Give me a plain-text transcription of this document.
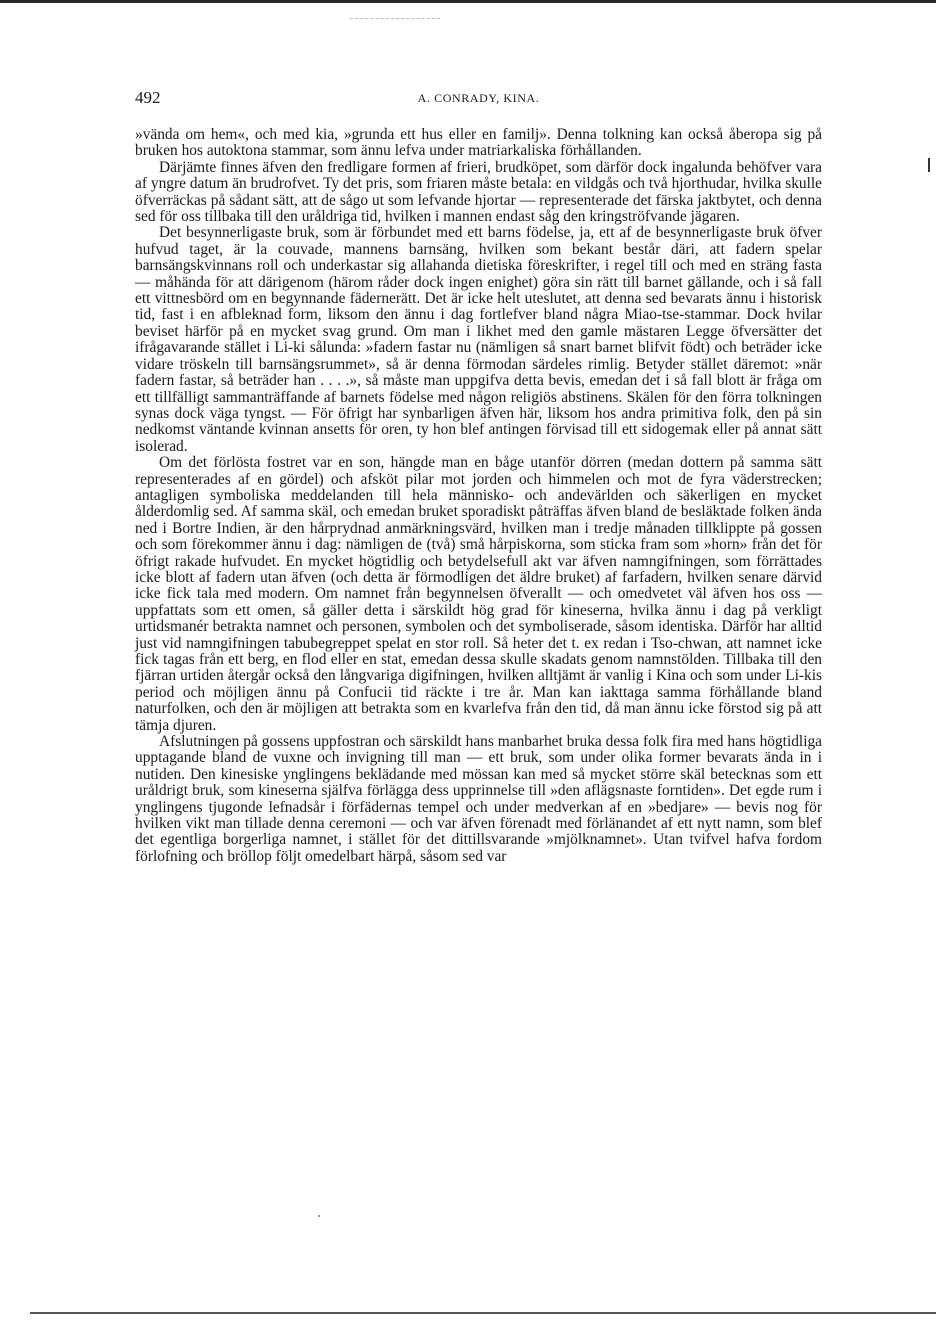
492	A. CONRADY, KINA.

»vända om hem«, och med kia, »grunda ett hus eller en familj». Denna tolkning kan också åberopa sig på bruken hos autoktona stammar, som ännu lefva under matriarkaliska förhållanden.

Därjämte finnes äfven den fredligare formen af frieri, brudköpet, som därför dock ingalunda behöfver vara af yngre datum än brudrofvet. Ty det pris, som friaren måste betala: en vildgås och två hjorthudar, hvilka skulle öfverräckas på sådant sätt, att de sågo ut som lefvande hjortar — representerade det färska jaktbytet, och denna sed för oss tillbaka till den uråldriga tid, hvilken i mannen endast såg den kringströfvande jägaren.

Det besynnerligaste bruk, som är förbundet med ett barns födelse, ja, ett af de besynnerligaste bruk öfver hufvud taget, är la couvade, mannens barnsäng, hvilken som bekant består däri, att fadern spelar barnsängskvinnans roll och underkastar sig allahanda dietiska föreskrifter, i regel till och med en sträng fasta — måhända för att därigenom (härom råder dock ingen enighet) göra sin rätt till barnet gällande, och i så fall ett vittnesbörd om en begynnande fädernerätt. Det är icke helt uteslutet, att denna sed bevarats ännu i historisk tid, fast i en afbleknad form, liksom den ännu i dag fortlefver bland några Miao-tse-stammar. Dock hvilar beviset härför på en mycket svag grund. Om man i likhet med den gamle mästaren Legge öfversätter det ifrågavarande stället i Li-ki sålunda: »fadern fastar nu (nämligen så snart barnet blifvit födt) och beträder icke vidare tröskeln till barnsängsrummet», så är denna förmodan särdeles rimlig. Betyder stället däremot: »när fadern fastar, så beträder han . . . .», så måste man uppgifva detta bevis, emedan det i så fall blott är fråga om ett tillfälligt sammanträffande af barnets födelse med någon religiös abstinens. Skälen för den förra tolkningen synas dock väga tyngst. — För öfrigt har synbarligen äfven här, liksom hos andra primitiva folk, den på sin nedkomst väntande kvinnan ansetts för oren, ty hon blef antingen förvisad till ett sidogemak eller på annat sätt isolerad.

Om det förlösta fostret var en son, hängde man en båge utanför dörren (medan dottern på samma sätt representerades af en gördel) och afsköt pilar mot jorden och himmelen och mot de fyra väderstrecken; antagligen symboliska meddelanden till hela människo- och andevärlden och säkerligen en mycket ålderdomlig sed. Af samma skäl, och emedan bruket sporadiskt påträffas äfven bland de besläktade folken ända ned i Bortre Indien, är den hårprydnad anmärkningsvärd, hvilken man i tredje månaden tillklippte på gossen och som förekommer ännu i dag: nämligen de (två) små hårpiskorna, som sticka fram som »horn» från det för öfrigt rakade hufvudet. En mycket högtidlig och betydelsefull akt var äfven namngifningen, som förrättades icke blott af fadern utan äfven (och detta är förmodligen det äldre bruket) af farfadern, hvilken senare därvid icke fick tala med modern. Om namnet från begynnelsen öfverallt — och omedvetet väl äfven hos oss — uppfattats som ett omen, så gäller detta i särskildt hög grad för kineserna, hvilka ännu i dag på verkligt urtidsmanér betrakta namnet och personen, symbolen och det symboliserade, såsom identiska. Därför har alltid just vid namngifningen tabubegreppet spelat en stor roll. Så heter det t. ex redan i Tso-chwan, att namnet icke fick tagas från ett berg, en flod eller en stat, emedan dessa skulle skadats genom namnstölden. Tillbaka till den fjärran urtiden återgår också den långvariga digifningen, hvilken alltjämt är vanlig i Kina och som under Li-kis period och möjligen ännu på Confucii tid räckte i tre år. Man kan iakttaga samma förhållande bland naturfolken, och den är möjligen att betrakta som en kvarlefva från den tid, då man ännu icke förstod sig på att tämja djuren.

Afslutningen på gossens uppfostran och särskildt hans manbarhet bruka dessa folk fira med hans högtidliga upptagande bland de vuxne och invigning till man — ett bruk, som under olika former bevarats ända in i nutiden. Den kinesiske ynglingens beklädande med mössan kan med så mycket större skäl betecknas som ett uråldrigt bruk, som kineserna själfva förlägga dess upprinnelse till »den aflägsnaste forntiden». Det egde rum i ynglingens tjugonde lefnadsår i förfädernas tempel och under medverkan af en »bedjare» — bevis nog för hvilken vikt man tillade denna ceremoni — och var äfven förenadt med förlänandet af ett nytt namn, som blef det egentliga borgerliga namnet, i stället för det dittillsvarande »mjölknamnet». Utan tvifvel hafva fordom förlofning och bröllop följt omedelbart härpå, såsom sed var
